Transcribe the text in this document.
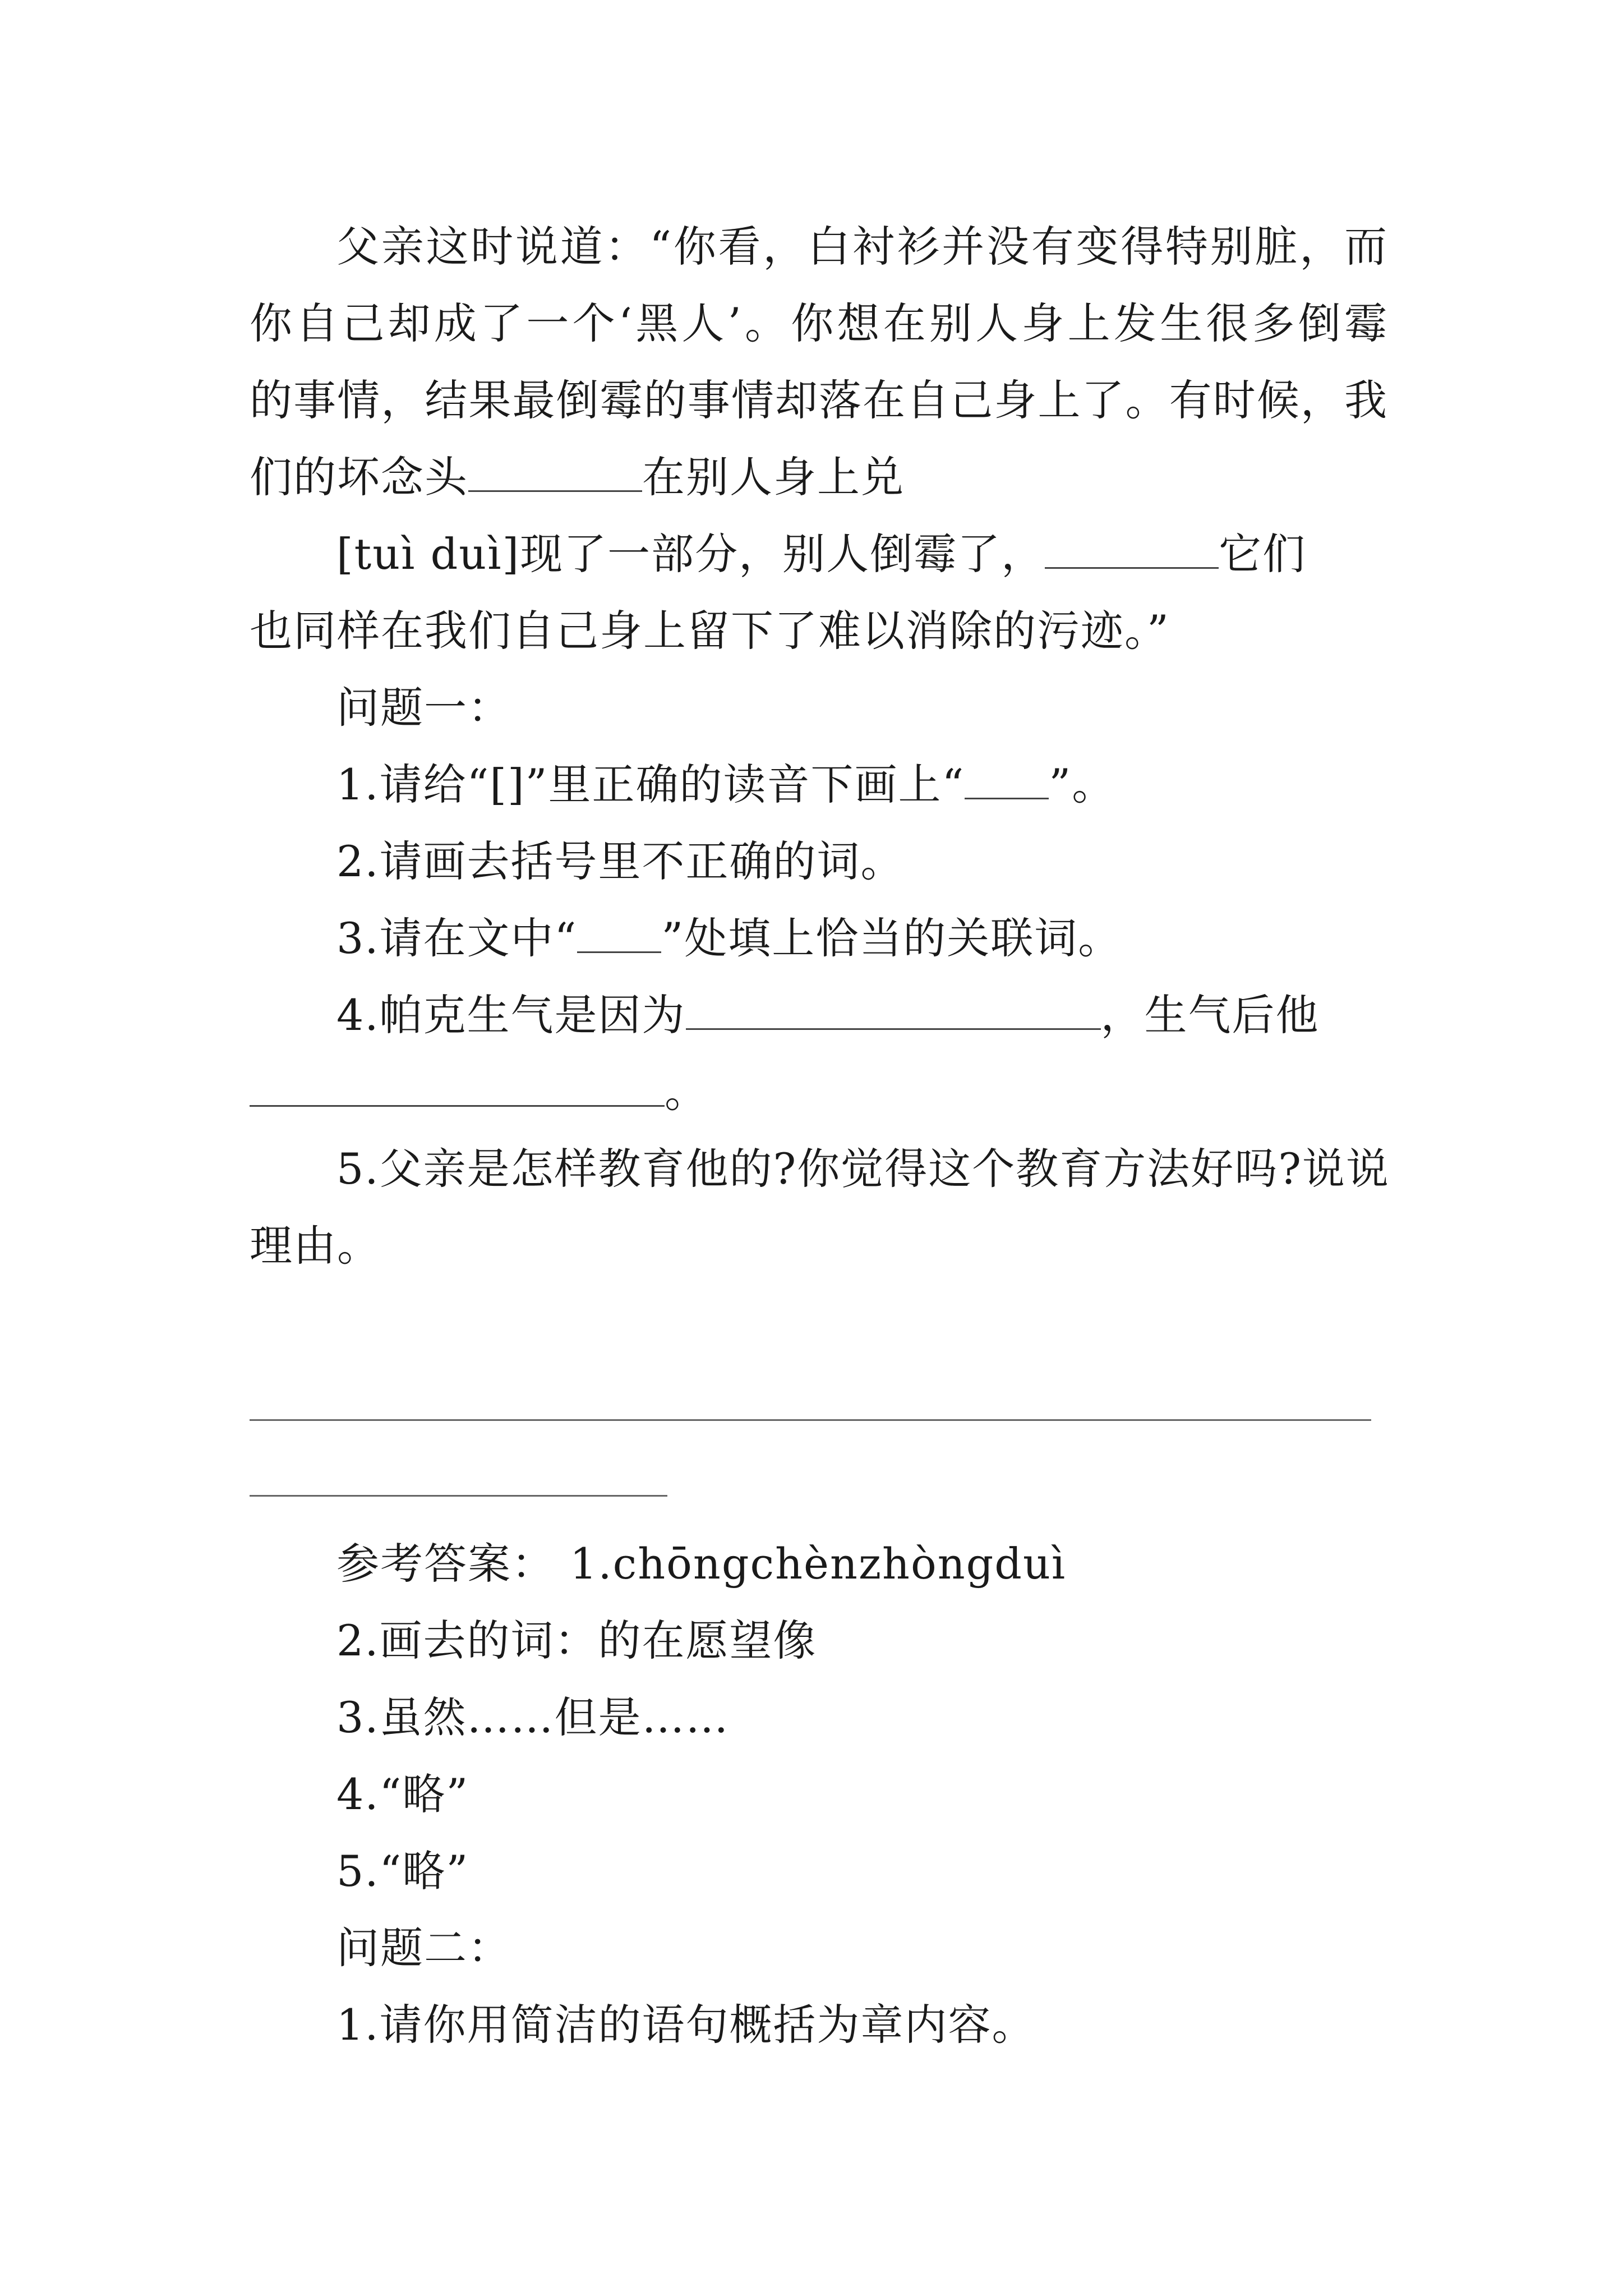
父亲这时说道：“你看，白衬衫并没有变得特别脏，而
你自己却成了一个‘黑人’。你想在别人身上发生很多倒霉
的事情，结果最倒霉的事情却落在自己身上了。有时候，我
们的坏念头	在别人身上兑
[tuì duì]现了一部分，别人倒霉了，	它们
也同样在我们自己身上留下了难以消除的污迹。”
问题一：
1.请给“[]”里正确的读音下画上“ ”。
2.请画去括号里不正确的词。
3.请在文中“ ”处填上恰当的关联词。
4.帕克生气是因为	，生气后他
。
5.父亲是怎样教育他的?你觉得这个教育方法好吗?说说
理由。
参考答案： 1.chōngchènzhòngduì
2.画去的词：的在愿望像
3.虽然……但是……
4.“略”
5.“略”
问题二：
1.请你用简洁的语句概括为章内容。
